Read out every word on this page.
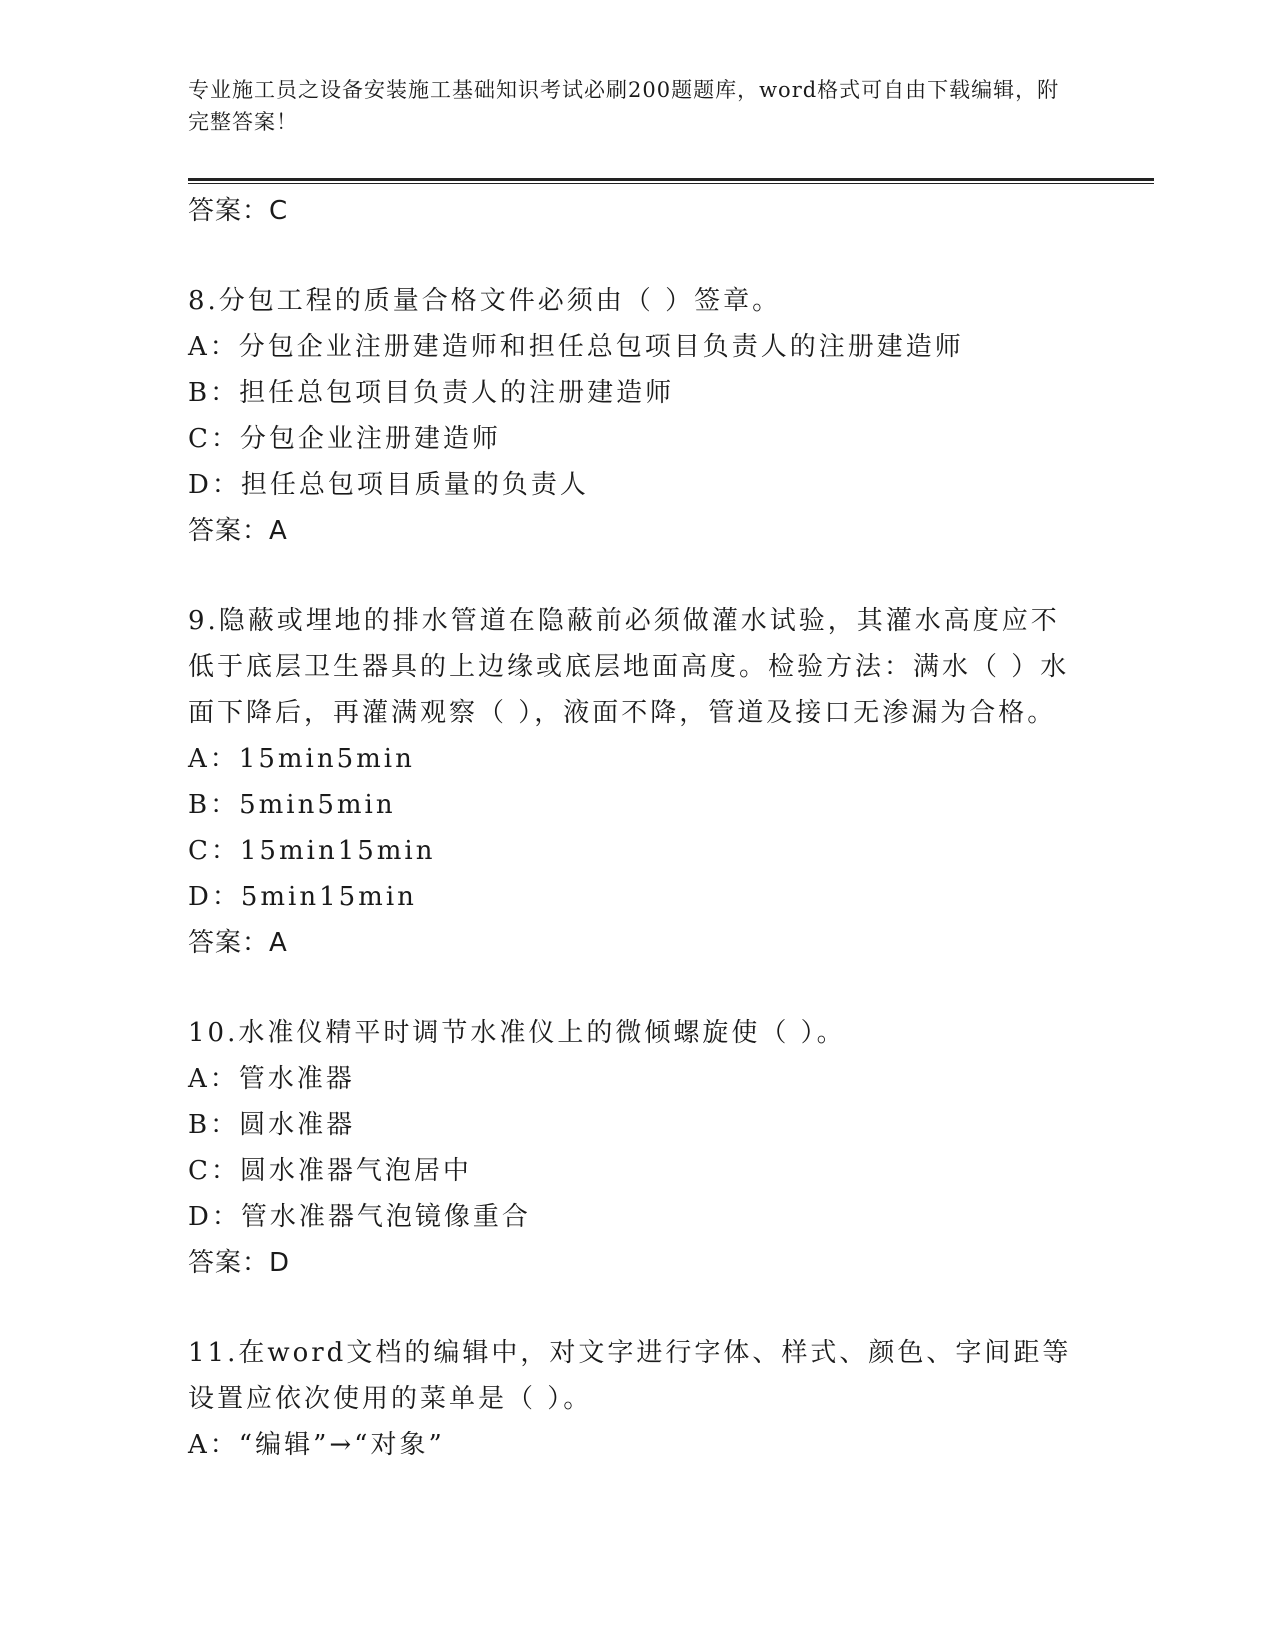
专业施工员之设备安装施工基础知识考试必刷200题题库，word格式可自由下载编辑，附完整答案！
答案：C
8.分包工程的质量合格文件必须由（ ）签章。
A：分包企业注册建造师和担任总包项目负责人的注册建造师
B：担任总包项目负责人的注册建造师
C：分包企业注册建造师
D：担任总包项目质量的负责人
答案：A
9.隐蔽或埋地的排水管道在隐蔽前必须做灌水试验，其灌水高度应不
低于底层卫生器具的上边缘或底层地面高度。检验方法：满水（ ）水
面下降后，再灌满观察（ ），液面不降，管道及接口无渗漏为合格。
A：15min5min
B：5min5min
C：15min15min
D：5min15min
答案：A
10.水准仪精平时调节水准仪上的微倾螺旋使（ ）。
A：管水准器
B：圆水准器
C：圆水准器气泡居中
D：管水准器气泡镜像重合
答案：D
11.在word文档的编辑中，对文字进行字体、样式、颜色、字间距等
设置应依次使用的菜单是（ ）。
A：“编辑”→“对象”
